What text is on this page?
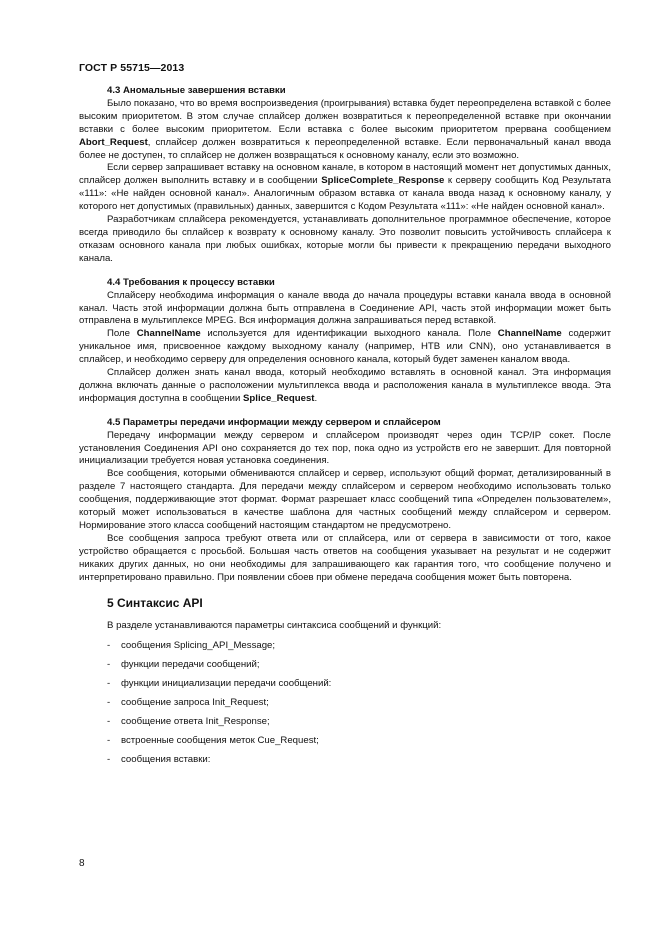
ГОСТ Р 55715—2013
4.3 Аномальные завершения вставки

Было показано, что во время воспроизведения (проигрывания) вставка будет переопределена вставкой с более высоким приоритетом. В этом случае сплайсер должен возвратиться к переопределенной вставке при окончании вставки с более высоким приоритетом. Если вставка с более высоким приоритетом прервана сообщением Abort_Request, сплайсер должен возвратиться к переопределенной вставке. Если первоначальный канал ввода более не доступен, то сплайсер не должен возвращаться к основному каналу, если это возможно.

Если сервер запрашивает вставку на основном канале, в котором в настоящий момент нет допустимых данных, сплайсер должен выполнить вставку и в сообщении SpliceComplete_Response к серверу сообщить Код Результата «111»: «Не найден основной канал». Аналогичным образом вставка от канала ввода назад к основному каналу, у которого нет допустимых (правильных) данных, завершится с Кодом Результата «111»: «Не найден основной канал».

Разработчикам сплайсера рекомендуется, устанавливать дополнительное программное обеспечение, которое всегда приводило бы сплайсер к возврату к основному каналу. Это позволит повысить устойчивость сплайсера к отказам основного канала при любых ошибках, которые могли бы привести к прекращению передачи выходного канала.

4.4 Требования к процессу вставки

Сплайсеру необходима информация о канале ввода до начала процедуры вставки канала ввода в основной канал. Часть этой информации должна быть отправлена в Соединение API, часть этой информации может быть отправлена в мультиплексе MPEG. Вся информация должна запрашиваться перед вставкой.

Поле ChannelName используется для идентификации выходного канала. Поле ChannelName содержит уникальное имя, присвоенное каждому выходному каналу (например, HTB или CNN), оно устанавливается в сплайсер, и необходимо серверу для определения основного канала, который будет заменен каналом ввода.

Сплайсер должен знать канал ввода, который необходимо вставлять в основной канал. Эта информация должна включать данные о расположении мультиплекса ввода и расположения канала в мультиплексе ввода. Эта информация доступна в сообщении Splice_Request.

4.5 Параметры передачи информации между сервером и сплайсером

Передачу информации между сервером и сплайсером производят через один TCP/IP сокет. После установления Соединения API оно сохраняется до тех пор, пока одно из устройств его не завершит. Для повторной инициализации требуется новая установка соединения.

Все сообщения, которыми обмениваются сплайсер и сервер, используют общий формат, детализированный в разделе 7 настоящего стандарта. Для передачи между сплайсером и сервером необходимо использовать только сообщения, поддерживающие этот формат. Формат разрешает класс сообщений типа «Определен пользователем», который может использоваться в качестве шаблона для частных сообщений между сплайсером и сервером. Нормирование этого класса сообщений настоящим стандартом не предусмотрено.

Все сообщения запроса требуют ответа или от сплайсера, или от сервера в зависимости от того, какое устройство обращается с просьбой. Большая часть ответов на сообщения указывает на результат и не содержит никаких других данных, но они необходимы для запрашивающего как гарантия того, что сообщение получено и интерпретировано правильно. При появлении сбоев при обмене передача сообщения может быть повторена.

5 Синтаксис API
В разделе устанавливаются параметры синтаксиса сообщений и функций:
- сообщения Splicing_API_Message;
- функции передачи сообщений;
- функции инициализации передачи сообщений:
- сообщение запроса Init_Request;
- сообщение ответа Init_Response;
- встроенные сообщения меток Cue_Request;
- сообщения вставки:
8
